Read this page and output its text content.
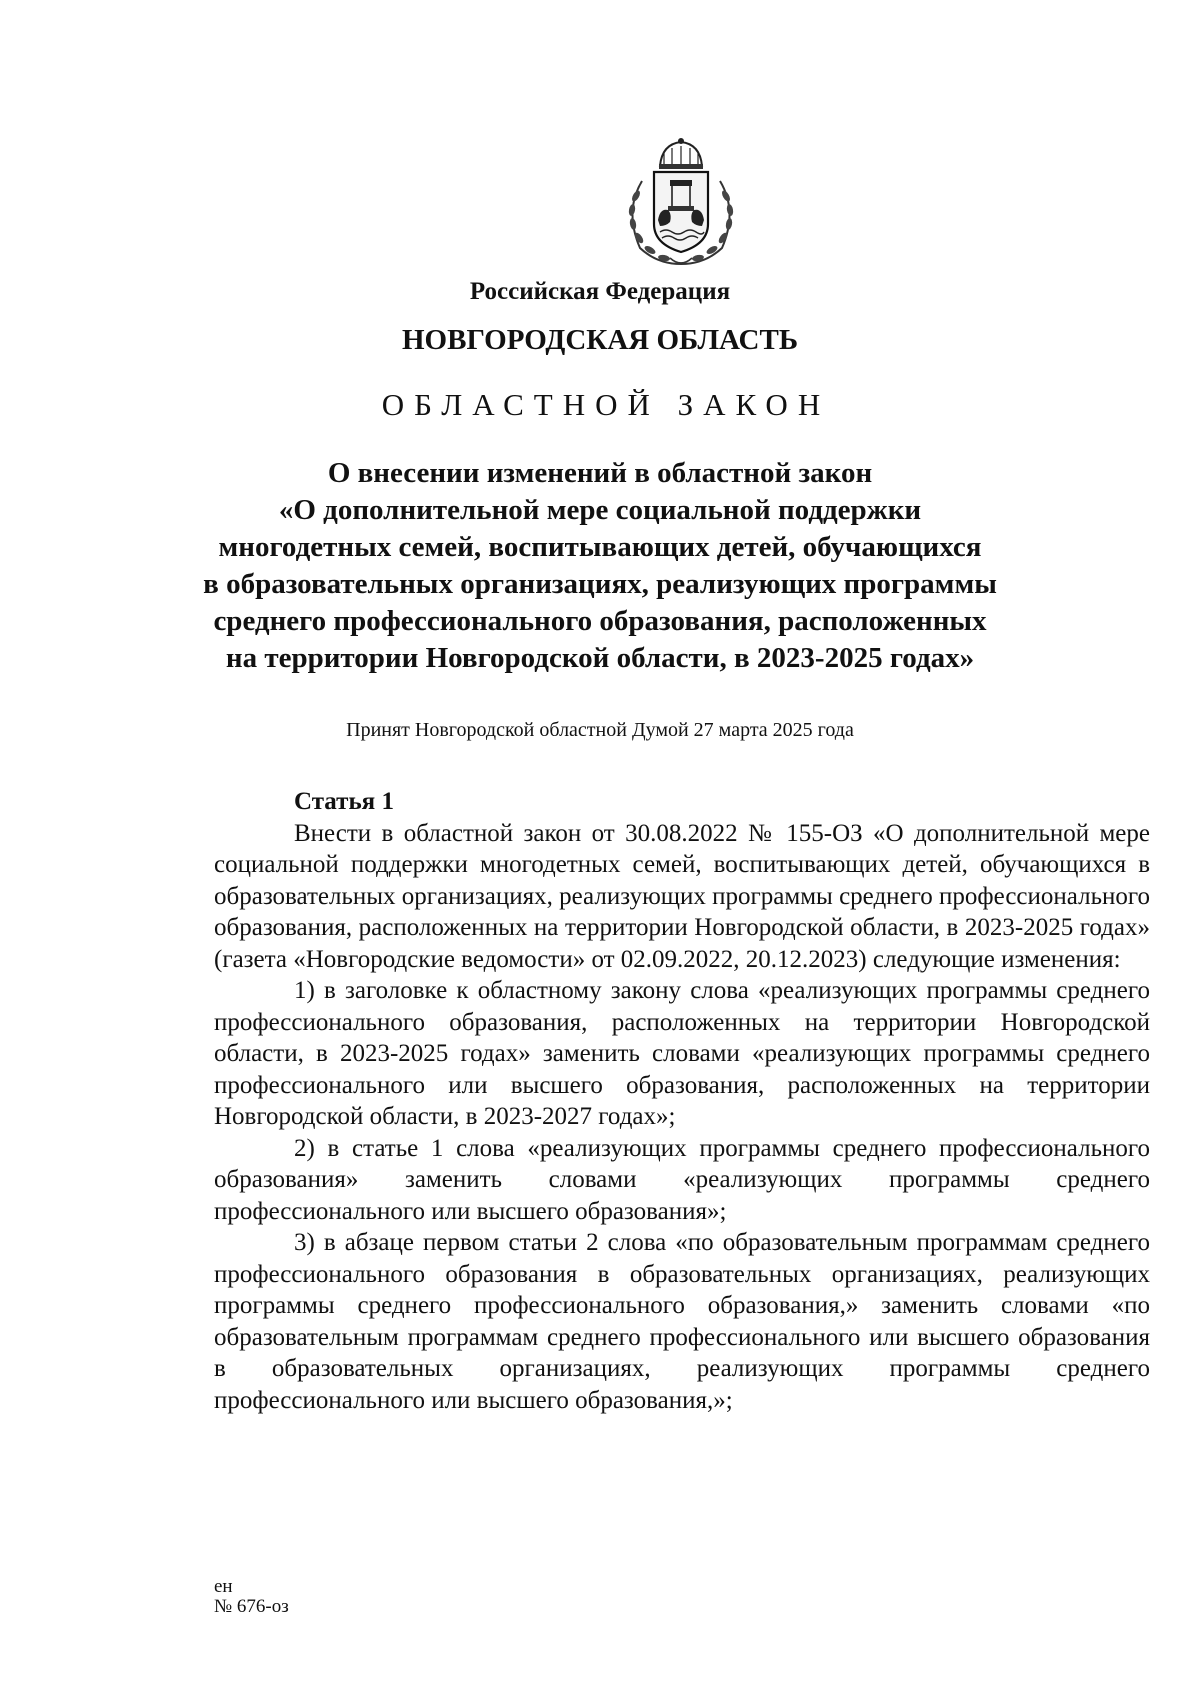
Российская Федерация
НОВГОРОДСКАЯ ОБЛАСТЬ
ОБЛАСТНОЙ ЗАКОН
О внесении изменений в областной закон
«О дополнительной мере социальной поддержки
многодетных семей, воспитывающих детей, обучающихся
в образовательных организациях, реализующих программы
среднего профессионального образования, расположенных
на территории Новгородской области, в 2023-2025 годах»
Принят Новгородской областной Думой 27 марта 2025 года

Статья 1

Внести в областной закон от 30.08.2022 № 155-ОЗ «О дополнительной мере социальной поддержки многодетных семей, воспитывающих детей, обучающихся в образовательных организациях, реализующих программы среднего профессионального образования, расположенных на территории Новгородской области, в 2023-2025 годах» (газета «Новгородские ведомости» от 02.09.2022, 20.12.2023) следующие изменения:

1) в заголовке к областному закону слова «реализующих программы среднего профессионального образования, расположенных на территории Новгородской области, в 2023-2025 годах» заменить словами «реализующих программы среднего профессионального или высшего образования, расположенных на территории Новгородской области, в 2023-2027 годах»;

2) в статье 1 слова «реализующих программы среднего профессионального образования» заменить словами «реализующих программы среднего профессионального или высшего образования»;

3) в абзаце первом статьи 2 слова «по образовательным программам среднего профессионального образования в образовательных организациях, реализующих программы среднего профессионального образования,» заменить словами «по образовательным программам среднего профессионального или высшего образования в образовательных организациях, реализующих программы среднего профессионального или высшего образования,»;

ен
№ 676-оз
